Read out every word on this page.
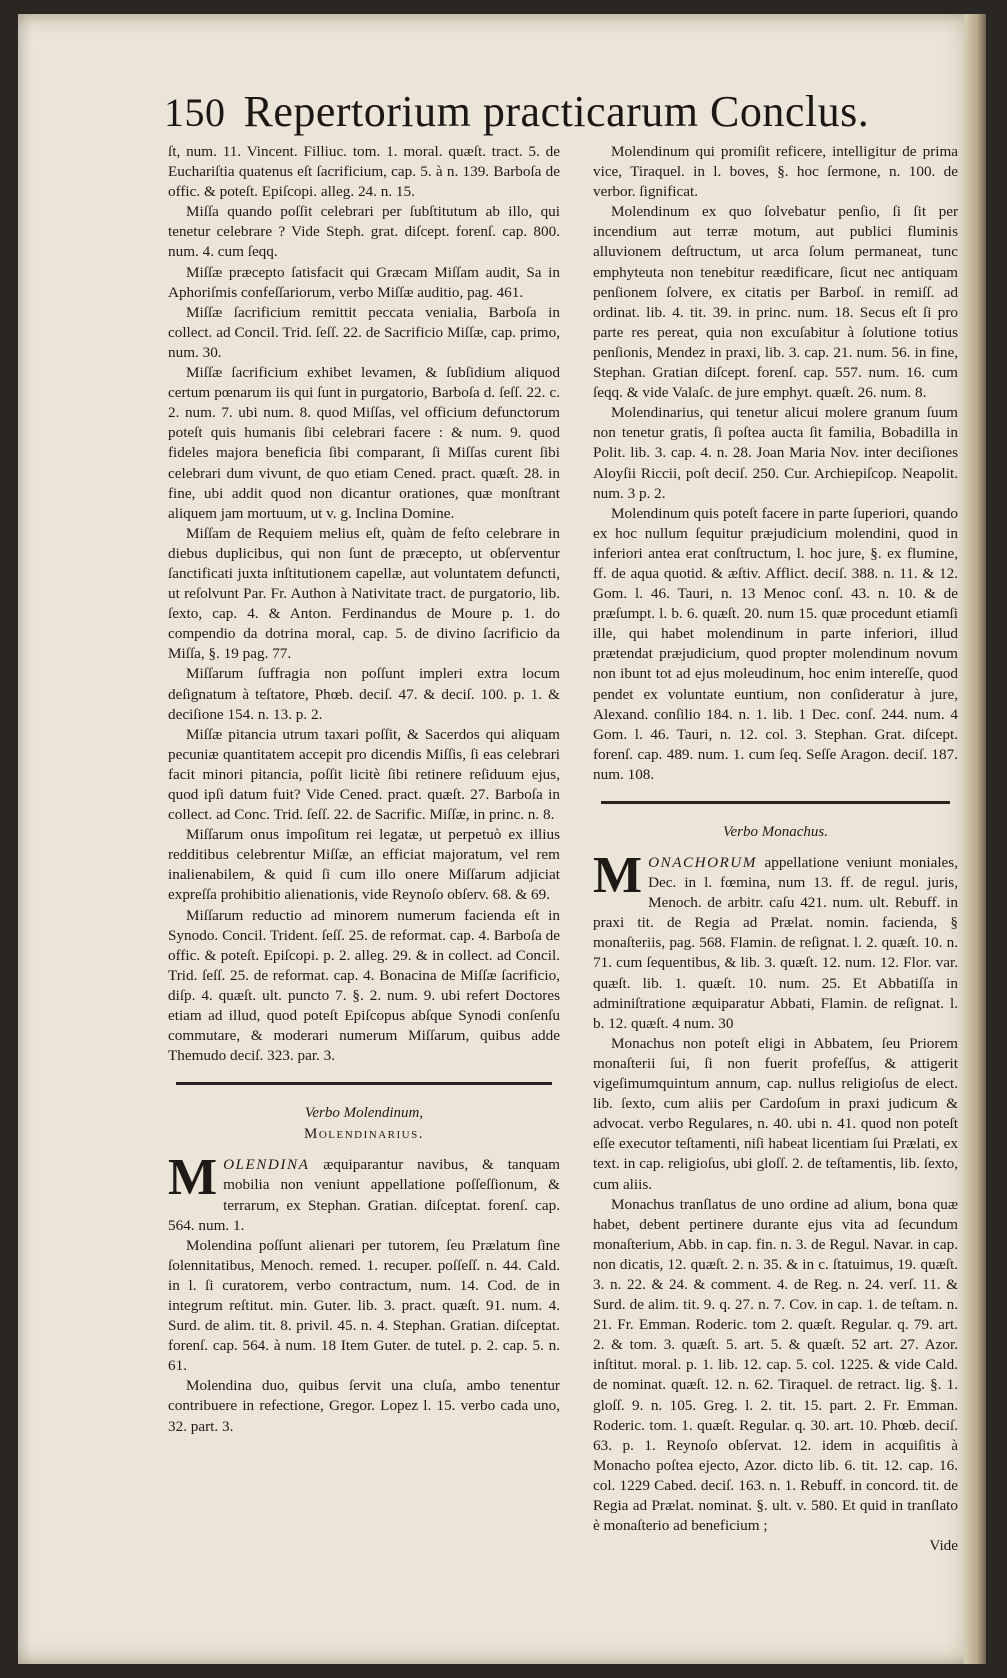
150 Repertorium practicarum Conclus.

ſt, num. 11. Vincent. Filliuc. tom. 1. moral. quæſt. tract. 5. de Euchariſtia quatenus eſt ſacrificium, cap. 5. à n. 139. Barboſa de offic. & poteſt. Epiſcopi. alleg. 24. n. 15.

Miſſa quando poſſit celebrari per ſubſtitutum ab illo, qui tenetur celebrare ? Vide Steph. grat. diſcept. forenſ. cap. 800. num. 4. cum ſeqq.

Miſſæ præcepto ſatisfacit qui Græcam Miſſam audit, Sa in Aphoriſmis confeſſariorum, verbo Miſſæ auditio, pag. 461.

Miſſæ ſacrificium remittit peccata venialia, Barboſa in collect. ad Concil. Trid. ſeſſ. 22. de Sacrificio Miſſæ, cap. primo, num. 30.

Miſſæ ſacrificium exhibet levamen, & ſubſidium aliquod certum pœnarum iis qui ſunt in purgatorio, Barboſa d. ſeſſ. 22. c. 2. num. 7. ubi num. 8. quod Miſſas, vel officium defunctorum poteſt quis humanis ſibi celebrari facere : & num. 9. quod fideles majora beneficia ſibi comparant, ſi Miſſas curent ſibi celebrari dum vivunt, de quo etiam Cened. pract. quæſt. 28. in fine, ubi addit quod non dicantur orationes, quæ monſtrant aliquem jam mortuum, ut v. g. Inclina Domine.

Miſſam de Requiem melius eſt, quàm de feſto celebrare in diebus duplicibus, qui non ſunt de præcepto, ut obſerventur ſanctificati juxta inſtitutionem capellæ, aut voluntatem defuncti, ut reſolvunt Par. Fr. Authon à Nativitate tract. de purgatorio, lib. ſexto, cap. 4. & Anton. Ferdinandus de Moure p. 1. do compendio da dotrina moral, cap. 5. de divino ſacrificio da Miſſa, §. 19 pag. 77.

Miſſarum ſuffragia non poſſunt impleri extra locum deſignatum à teſtatore, Phœb. deciſ. 47. & deciſ. 100. p. 1. & deciſione 154. n. 13. p. 2.

Miſſæ pitancia utrum taxari poſſit, & Sacerdos qui aliquam pecuniæ quantitatem accepit pro dicendis Miſſis, ſi eas celebrari facit minori pitancia, poſſit licitè ſibi retinere reſiduum ejus, quod ipſi datum fuit? Vide Cened. pract. quæſt. 27. Barboſa in collect. ad Conc. Trid. ſeſſ. 22. de Sacrific. Miſſæ, in princ. n. 8.

Miſſarum onus impoſitum rei legatæ, ut perpetuò ex illius redditibus celebrentur Miſſæ, an efficiat majoratum, vel rem inalienabilem, & quid ſi cum illo onere Miſſarum adjiciat expreſſa prohibitio alienationis, vide Reynoſo obſerv. 68. & 69.

Miſſarum reductio ad minorem numerum facienda eſt in Synodo. Concil. Trident. ſeſſ. 25. de reformat. cap. 4. Barboſa de offic. & poteſt. Epiſcopi. p. 2. alleg. 29. & in collect. ad Concil. Trid. ſeſſ. 25. de reformat. cap. 4. Bonacina de Miſſæ ſacrificio, diſp. 4. quæſt. ult. puncto 7. §. 2. num. 9. ubi refert Doctores etiam ad illud, quod poteſt Epiſcopus abſque Synodi conſenſu commutare, & moderari numerum Miſſarum, quibus adde Themudo deciſ. 323. par. 3.

Verbo Molendinum,
Molendinarius.

MOLENDINA æquiparantur navibus, & tanquam mobilia non veniunt appellatione poſſeſſionum, & terrarum, ex Stephan. Gratian. diſceptat. forenſ. cap. 564. num. 1.

Molendina poſſunt alienari per tutorem, ſeu Prælatum ſine ſolennitatibus, Menoch. remed. 1. recuper. poſſeſſ. n. 44. Cald. in l. ſi curatorem, verbo contractum, num. 14. Cod. de in integrum reſtitut. min. Guter. lib. 3. pract. quæſt. 91. num. 4. Surd. de alim. tit. 8. privil. 45. n. 4. Stephan. Gratian. diſceptat. forenſ. cap. 564. à num. 18 Item Guter. de tutel. p. 2. cap. 5. n. 61.

Molendina duo, quibus ſervit una cluſa, ambo tenentur contribuere in refectione, Gregor. Lopez l. 15. verbo cada uno, 32. part. 3.

Molendinum qui promiſit reficere, intelligitur de prima vice, Tiraquel. in l. boves, §. hoc ſermone, n. 100. de verbor. ſignificat.

Molendinum ex quo ſolvebatur penſio, ſi ſit per incendium aut terræ motum, aut publici fluminis alluvionem deſtructum, ut arca ſolum permaneat, tunc emphyteuta non tenebitur reædificare, ſicut nec antiquam penſionem ſolvere, ex citatis per Barboſ. in remiſſ. ad ordinat. lib. 4. tit. 39. in princ. num. 18. Secus eſt ſi pro parte res pereat, quia non excuſabitur à ſolutione totius penſionis, Mendez in praxi, lib. 3. cap. 21. num. 56. in fine, Stephan. Gratian diſcept. forenſ. cap. 557. num. 16. cum ſeqq. & vide Valaſc. de jure emphyt. quæſt. 26. num. 8.

Molendinarius, qui tenetur alicui molere granum ſuum non tenetur gratis, ſi poſtea aucta ſit familia, Bobadilla in Polit. lib. 3. cap. 4. n. 28. Joan Maria Nov. inter deciſiones Aloyſii Riccii, poſt deciſ. 250. Cur. Archiepiſcop. Neapolit. num. 3 p. 2.

Molendinum quis poteſt facere in parte ſuperiori, quando ex hoc nullum ſequitur præjudicium molendini, quod in inferiori antea erat conſtructum, l. hoc jure, §. ex flumine, ff. de aqua quotid. & æſtiv. Afflict. deciſ. 388. n. 11. & 12. Gom. l. 46. Tauri, n. 13 Menoc conſ. 43. n. 10. & de præſumpt. l. b. 6. quæſt. 20. num 15. quæ procedunt etiamſi ille, qui habet molendinum in parte inferiori, illud prætendat præjudicium, quod propter molendinum novum non ibunt tot ad ejus moleudinum, hoc enim intereſſe, quod pendet ex voluntate euntium, non conſideratur à jure, Alexand. conſilio 184. n. 1. lib. 1 Dec. conſ. 244. num. 4 Gom. l. 46. Tauri, n. 12. col. 3. Stephan. Grat. diſcept. forenſ. cap. 489. num. 1. cum ſeq. Seſſe Aragon. deciſ. 187. num. 108.

Verbo Monachus.

MONACHORUM appellatione veniunt moniales, Dec. in l. fœmina, num 13. ff. de regul. juris, Menoch. de arbitr. caſu 421. num. ult. Rebuff. in praxi tit. de Regia ad Prælat. nomin. facienda, § monaſteriis, pag. 568. Flamin. de reſignat. l. 2. quæſt. 10. n. 71. cum ſequentibus, & lib. 3. quæſt. 12. num. 12. Flor. var. quæſt. lib. 1. quæſt. 10. num. 25. Et Abbatiſſa in adminiſtratione æquiparatur Abbati, Flamin. de reſignat. l. b. 12. quæſt. 4 num. 30

Monachus non poteſt eligi in Abbatem, ſeu Priorem monaſterii ſui, ſi non fuerit profeſſus, & attigerit vigeſimumquintum annum, cap. nullus religioſus de elect. lib. ſexto, cum aliis per Cardoſum in praxi judicum & advocat. verbo Regulares, n. 40. ubi n. 41. quod non poteſt eſſe executor teſtamenti, niſi habeat licentiam ſui Prælati, ex text. in cap. religioſus, ubi gloſſ. 2. de teſtamentis, lib. ſexto, cum aliis.

Monachus tranſlatus de uno ordine ad alium, bona quæ habet, debent pertinere durante ejus vita ad ſecundum monaſterium, Abb. in cap. fin. n. 3. de Regul. Navar. in cap. non dicatis, 12. quæſt. 2. n. 35. & in c. ſtatuimus, 19. quæſt. 3. n. 22. & 24. & comment. 4. de Reg. n. 24. verſ. 11. & Surd. de alim. tit. 9. q. 27. n. 7. Cov. in cap. 1. de teſtam. n. 21. Fr. Emman. Roderic. tom 2. quæſt. Regular. q. 79. art. 2. & tom. 3. quæſt. 5. art. 5. & quæſt. 52 art. 27. Azor. inſtitut. moral. p. 1. lib. 12. cap. 5. col. 1225. & vide Cald. de nominat. quæſt. 12. n. 62. Tiraquel. de retract. lig. §. 1. gloſſ. 9. n. 105. Greg. l. 2. tit. 15. part. 2. Fr. Emman. Roderic. tom. 1. quæſt. Regular. q. 30. art. 10. Phœb. deciſ. 63. p. 1. Reynoſo obſervat. 12. idem in acquiſitis à Monacho poſtea ejecto, Azor. dicto lib. 6. tit. 12. cap. 16. col. 1229 Cabed. deciſ. 163. n. 1. Rebuff. in concord. tit. de Regia ad Prælat. nominat. §. ult. v. 580. Et quid in tranſlato è monaſterio ad beneficium ;

Vide
